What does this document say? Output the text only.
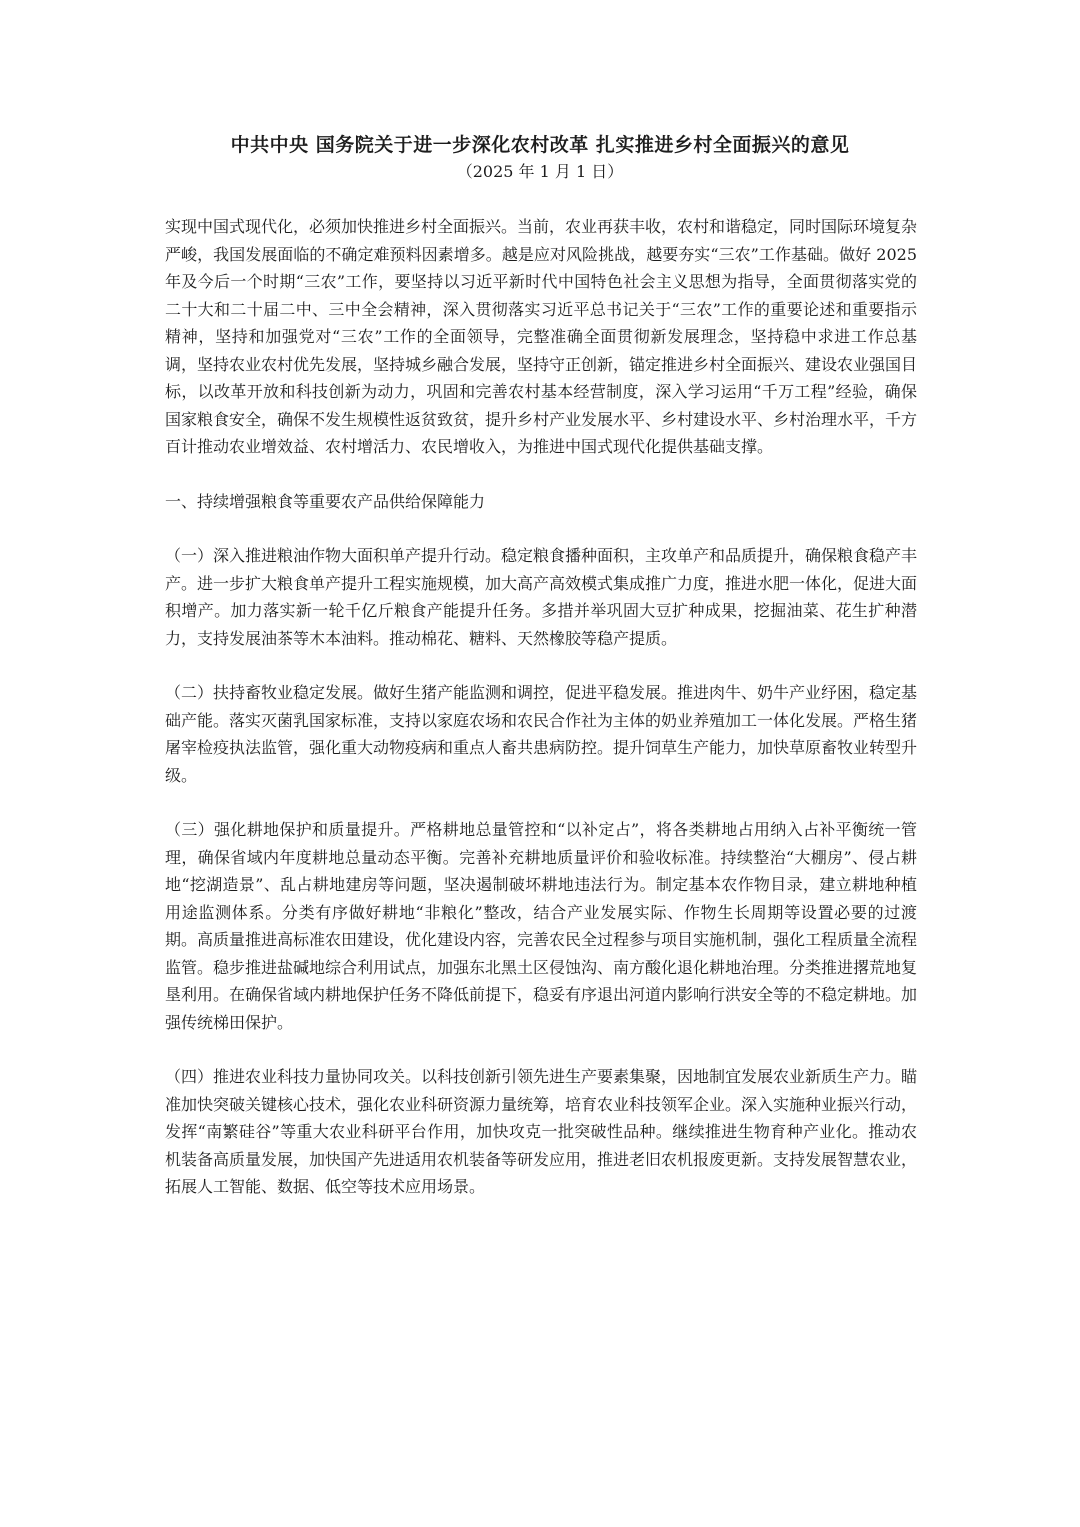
中共中央 国务院关于进一步深化农村改革 扎实推进乡村全面振兴的意见
（2025 年 1 月 1 日）

实现中国式现代化，必须加快推进乡村全面振兴。当前，农业再获丰收，农村和谐稳定，同时国际环境复杂严峻，我国发展面临的不确定难预料因素增多。越是应对风险挑战，越要夯实“三农”工作基础。做好 2025 年及今后一个时期“三农”工作，要坚持以习近平新时代中国特色社会主义思想为指导，全面贯彻落实党的二十大和二十届二中、三中全会精神，深入贯彻落实习近平总书记关于“三农”工作的重要论述和重要指示精神，坚持和加强党对“三农”工作的全面领导，完整准确全面贯彻新发展理念，坚持稳中求进工作总基调，坚持农业农村优先发展，坚持城乡融合发展，坚持守正创新，锚定推进乡村全面振兴、建设农业强国目标，以改革开放和科技创新为动力，巩固和完善农村基本经营制度，深入学习运用“千万工程”经验，确保国家粮食安全，确保不发生规模性返贫致贫，提升乡村产业发展水平、乡村建设水平、乡村治理水平，千方百计推动农业增效益、农村增活力、农民增收入，为推进中国式现代化提供基础支撑。

一、持续增强粮食等重要农产品供给保障能力

（一）深入推进粮油作物大面积单产提升行动。稳定粮食播种面积，主攻单产和品质提升，确保粮食稳产丰产。进一步扩大粮食单产提升工程实施规模，加大高产高效模式集成推广力度，推进水肥一体化，促进大面积增产。加力落实新一轮千亿斤粮食产能提升任务。多措并举巩固大豆扩种成果，挖掘油菜、花生扩种潜力，支持发展油茶等木本油料。推动棉花、糖料、天然橡胶等稳产提质。

（二）扶持畜牧业稳定发展。做好生猪产能监测和调控，促进平稳发展。推进肉牛、奶牛产业纾困，稳定基础产能。落实灭菌乳国家标准，支持以家庭农场和农民合作社为主体的奶业养殖加工一体化发展。严格生猪屠宰检疫执法监管，强化重大动物疫病和重点人畜共患病防控。提升饲草生产能力，加快草原畜牧业转型升级。

（三）强化耕地保护和质量提升。严格耕地总量管控和“以补定占”，将各类耕地占用纳入占补平衡统一管理，确保省域内年度耕地总量动态平衡。完善补充耕地质量评价和验收标准。持续整治“大棚房”、侵占耕地“挖湖造景”、乱占耕地建房等问题，坚决遏制破坏耕地违法行为。制定基本农作物目录，建立耕地种植用途监测体系。分类有序做好耕地“非粮化”整改，结合产业发展实际、作物生长周期等设置必要的过渡期。高质量推进高标准农田建设，优化建设内容，完善农民全过程参与项目实施机制，强化工程质量全流程监管。稳步推进盐碱地综合利用试点，加强东北黑土区侵蚀沟、南方酸化退化耕地治理。分类推进撂荒地复垦利用。在确保省域内耕地保护任务不降低前提下，稳妥有序退出河道内影响行洪安全等的不稳定耕地。加强传统梯田保护。

（四）推进农业科技力量协同攻关。以科技创新引领先进生产要素集聚，因地制宜发展农业新质生产力。瞄准加快突破关键核心技术，强化农业科研资源力量统筹，培育农业科技领军企业。深入实施种业振兴行动，发挥“南繁硅谷”等重大农业科研平台作用，加快攻克一批突破性品种。继续推进生物育种产业化。推动农机装备高质量发展，加快国产先进适用农机装备等研发应用，推进老旧农机报废更新。支持发展智慧农业，拓展人工智能、数据、低空等技术应用场景。
